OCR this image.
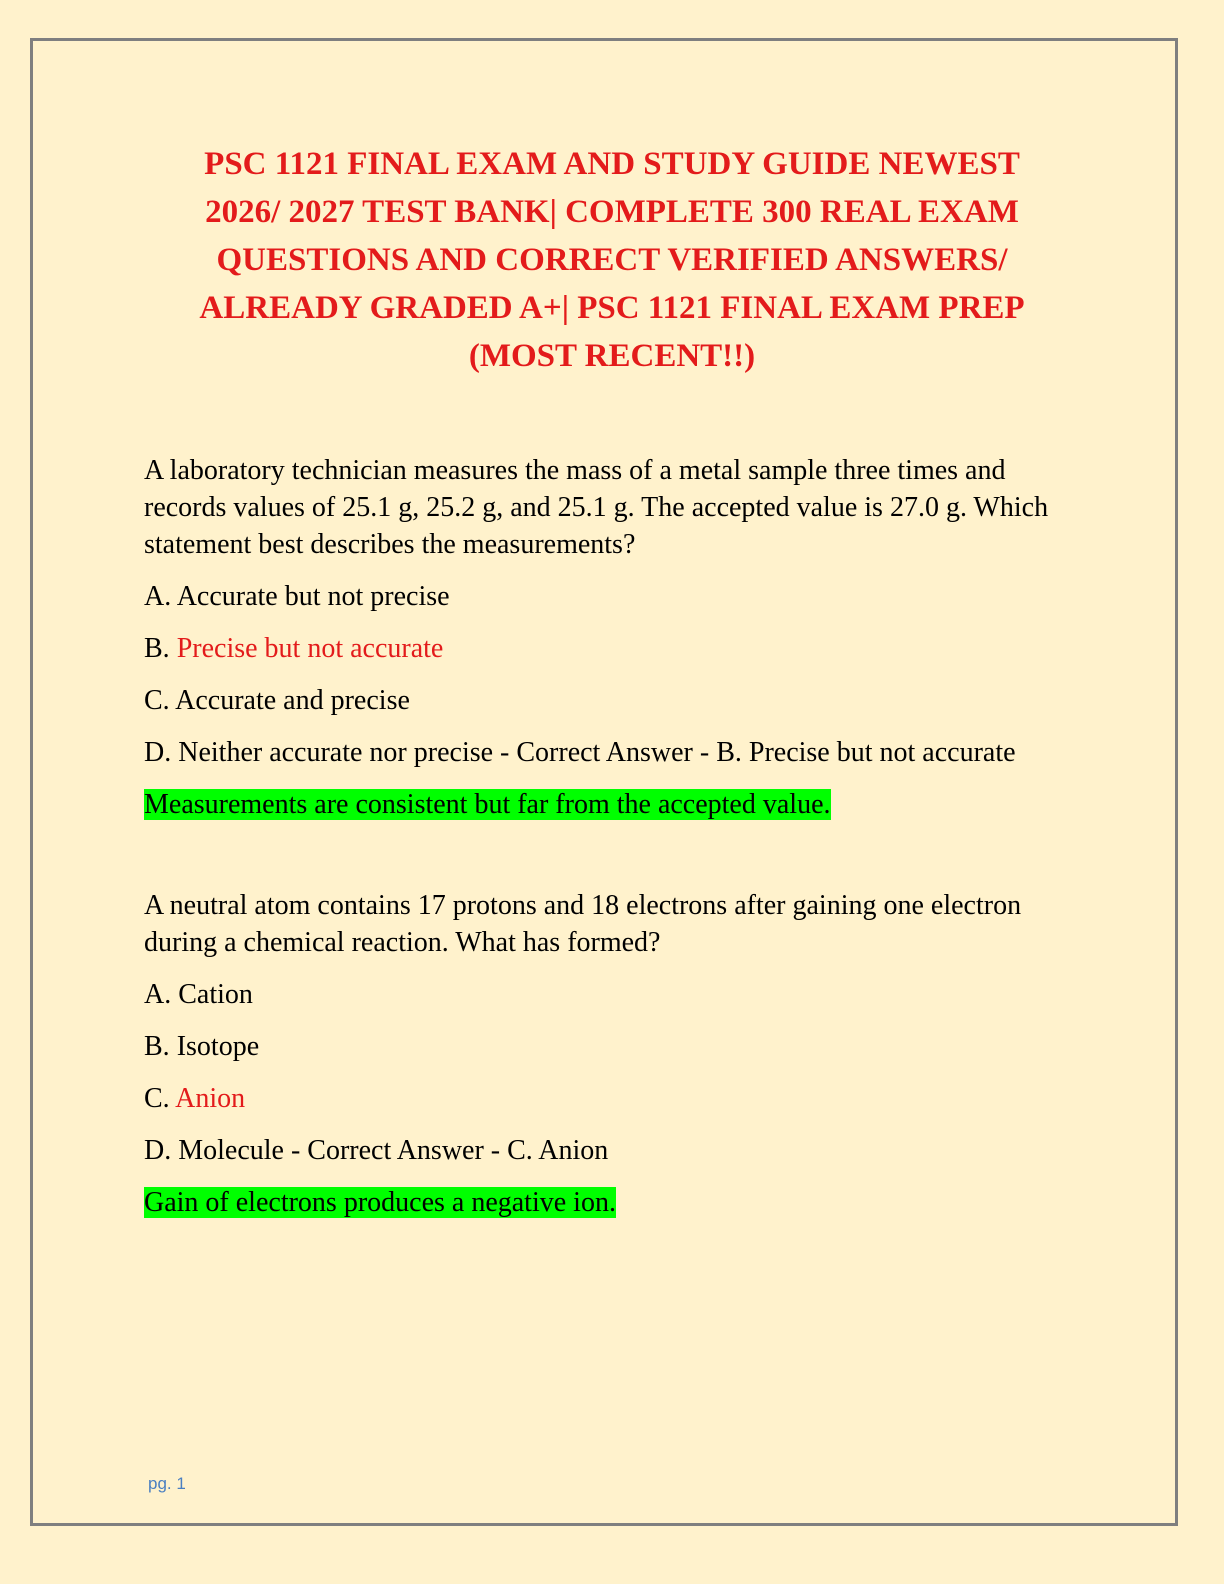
PSC 1121 FINAL EXAM AND STUDY GUIDE NEWEST
2026/ 2027 TEST BANK| COMPLETE 300 REAL EXAM
QUESTIONS AND CORRECT VERIFIED ANSWERS/
ALREADY GRADED A+| PSC 1121 FINAL EXAM PREP
(MOST RECENT!!)

A laboratory technician measures the mass of a metal sample three times and records values of 25.1 g, 25.2 g, and 25.1 g. The accepted value is 27.0 g. Which statement best describes the measurements?

A. Accurate but not precise

B. Precise but not accurate

C. Accurate and precise

D. Neither accurate nor precise - Correct Answer - B. Precise but not accurate

Measurements are consistent but far from the accepted value.

A neutral atom contains 17 protons and 18 electrons after gaining one electron during a chemical reaction. What has formed?

A. Cation

B. Isotope

C. Anion

D. Molecule - Correct Answer - C. Anion

Gain of electrons produces a negative ion.

pg. 1
